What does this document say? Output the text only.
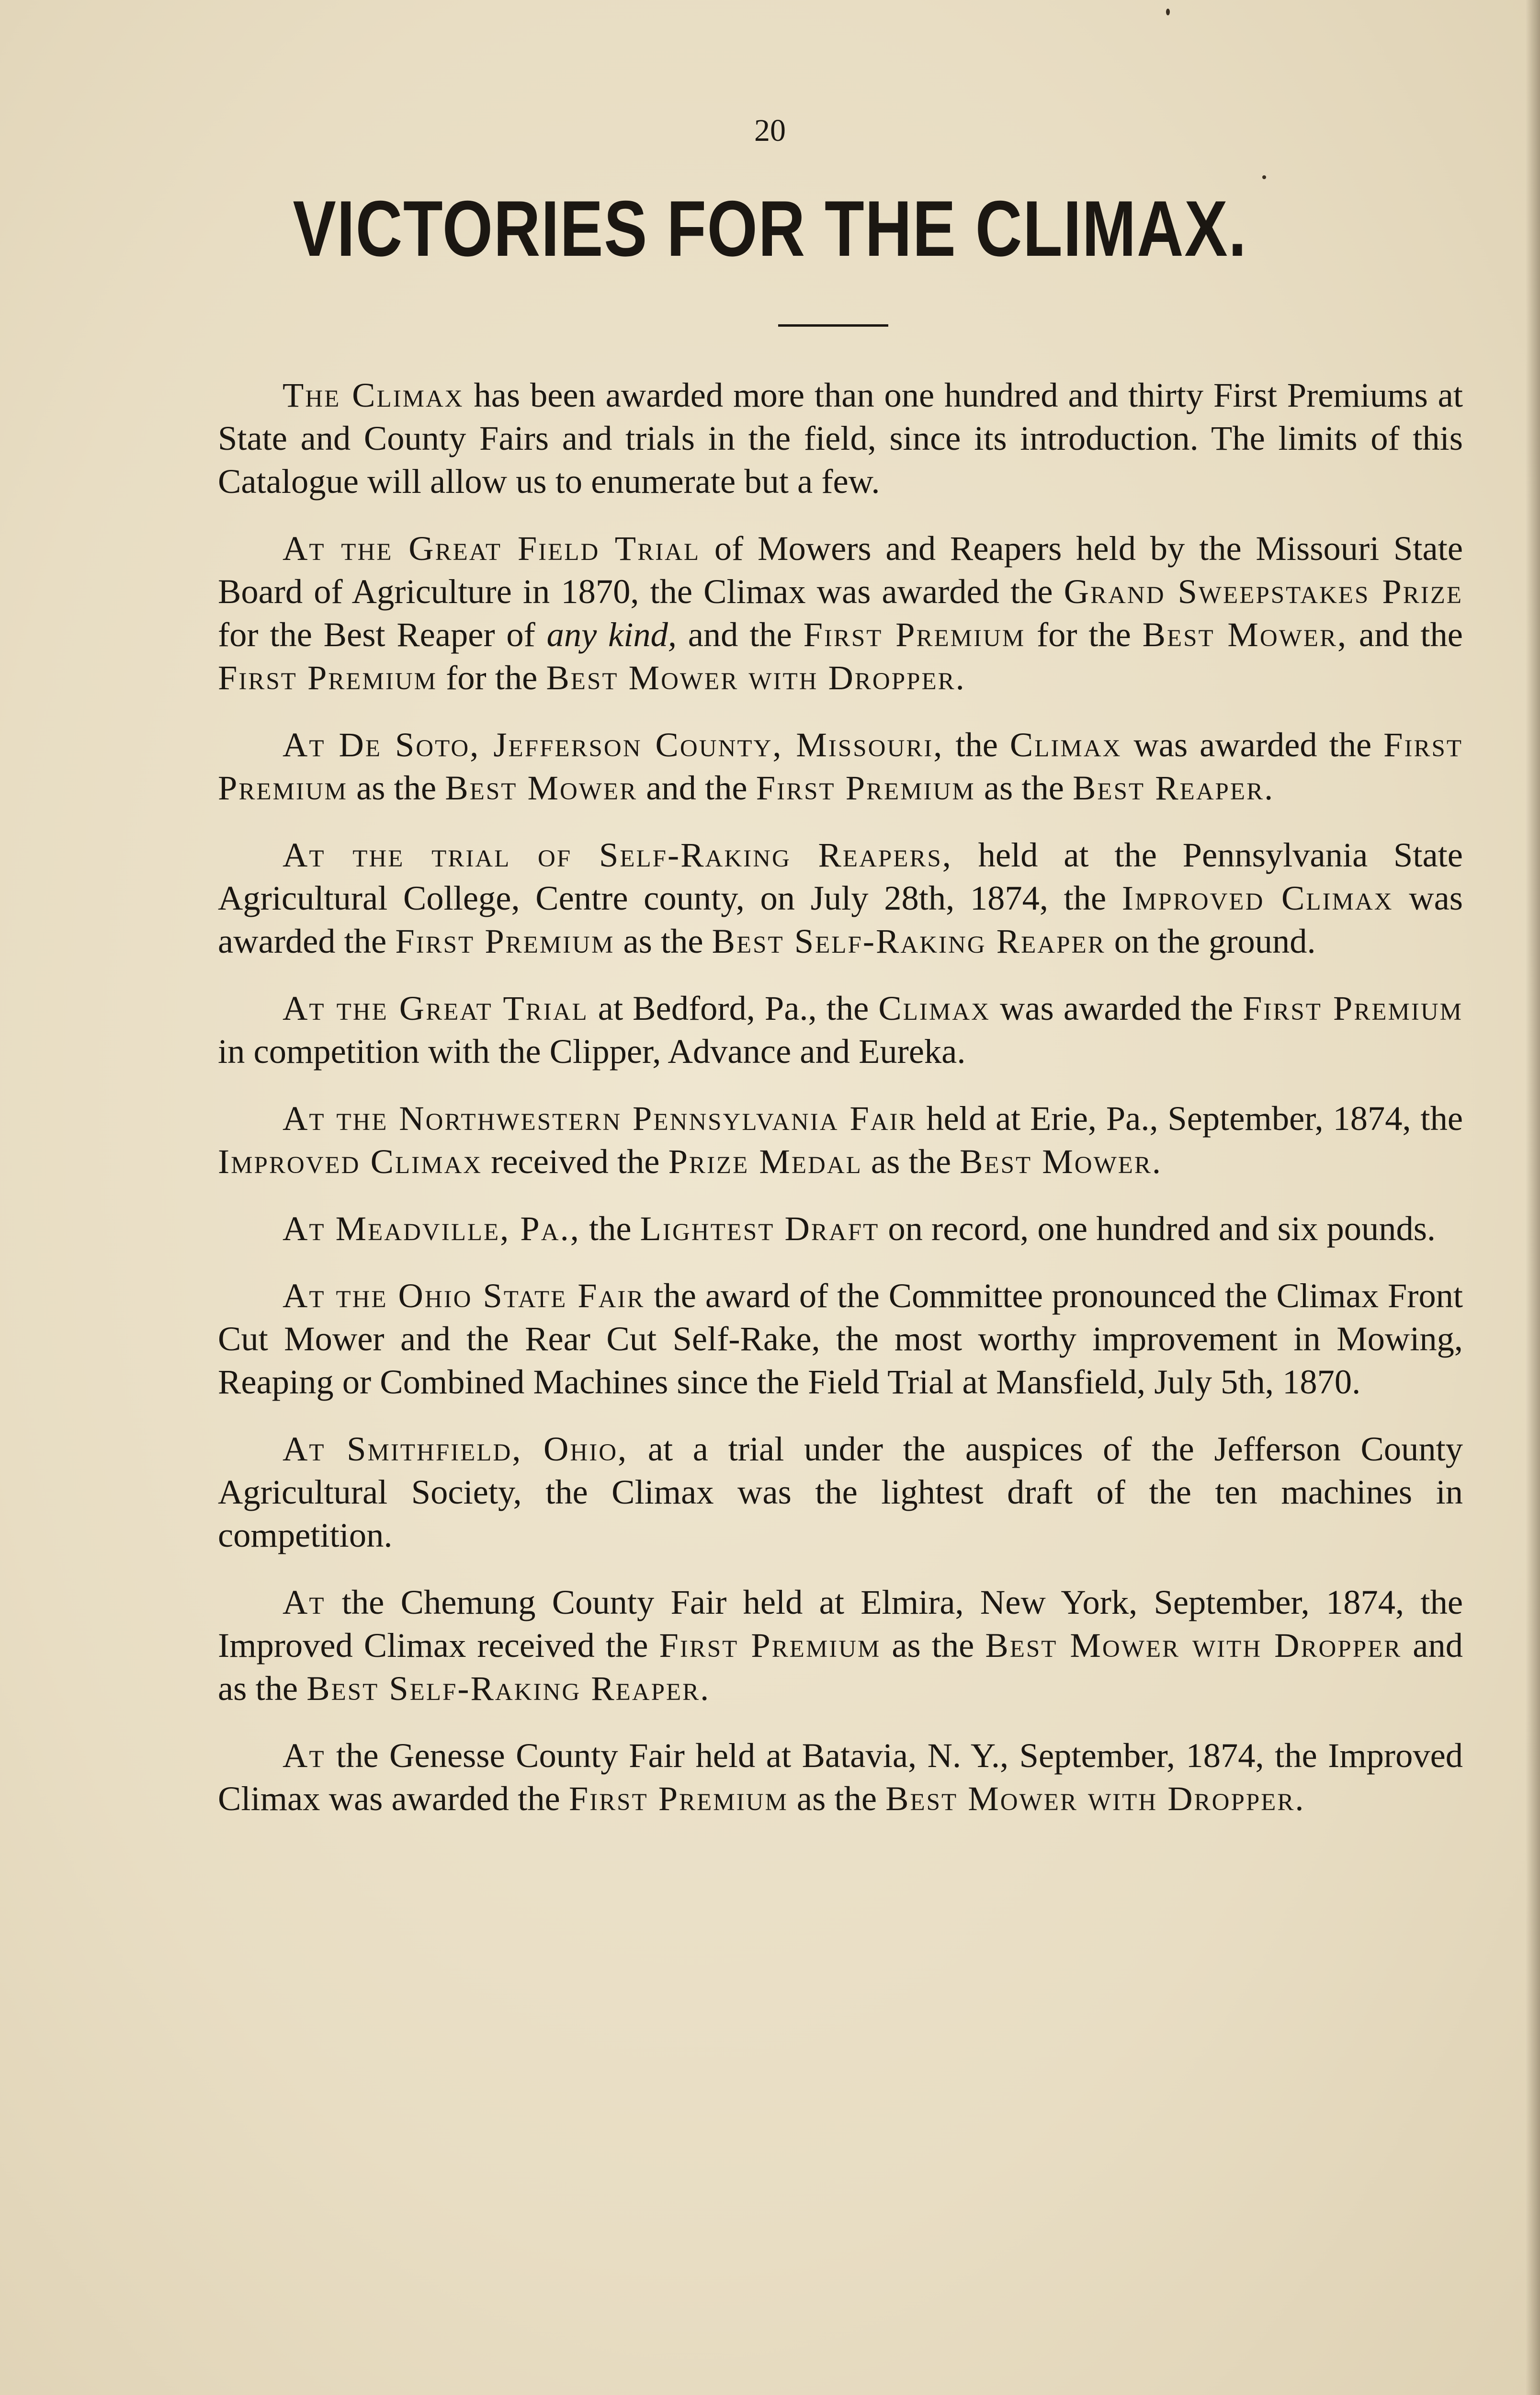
20
VICTORIES FOR THE CLIMAX.

The Climax has been awarded more than one hundred and thirty First Premiums at State and County Fairs and trials in the field, since its introduction. The limits of this Catalogue will allow us to enumerate but a few.

At the Great Field Trial of Mowers and Reapers held by the Missouri State Board of Agriculture in 1870, the Climax was awarded the Grand Sweepstakes Prize for the Best Reaper of any kind, and the First Premium for the Best Mower, and the First Premium for the Best Mower with Dropper.

At De Soto, Jefferson County, Missouri, the Climax was awarded the First Premium as the Best Mower and the First Premium as the Best Reaper.

At the trial of Self-Raking Reapers, held at the Pennsylvania State Agricultural College, Centre county, on July 28th, 1874, the Improved Climax was awarded the First Premium as the Best Self-Raking Reaper on the ground.

At the Great Trial at Bedford, Pa., the Climax was awarded the First Premium in competition with the Clipper, Advance and Eureka.

At the Northwestern Pennsylvania Fair held at Erie, Pa., September, 1874, the Improved Climax received the Prize Medal as the Best Mower.

At Meadville, Pa., the Lightest Draft on record, one hundred and six pounds.

At the Ohio State Fair the award of the Committee pronounced the Climax Front Cut Mower and the Rear Cut Self-Rake, the most worthy improvement in Mowing, Reaping or Combined Machines since the Field Trial at Mansfield, July 5th, 1870.

At Smithfield, Ohio, at a trial under the auspices of the Jefferson County Agricultural Society, the Climax was the lightest draft of the ten machines in competition.

At the Chemung County Fair held at Elmira, New York, September, 1874, the Improved Climax received the First Premium as the Best Mower with Dropper and as the Best Self-Raking Reaper.

At the Genesse County Fair held at Batavia, N. Y., September, 1874, the Improved Climax was awarded the First Premium as the Best Mower with Dropper.
